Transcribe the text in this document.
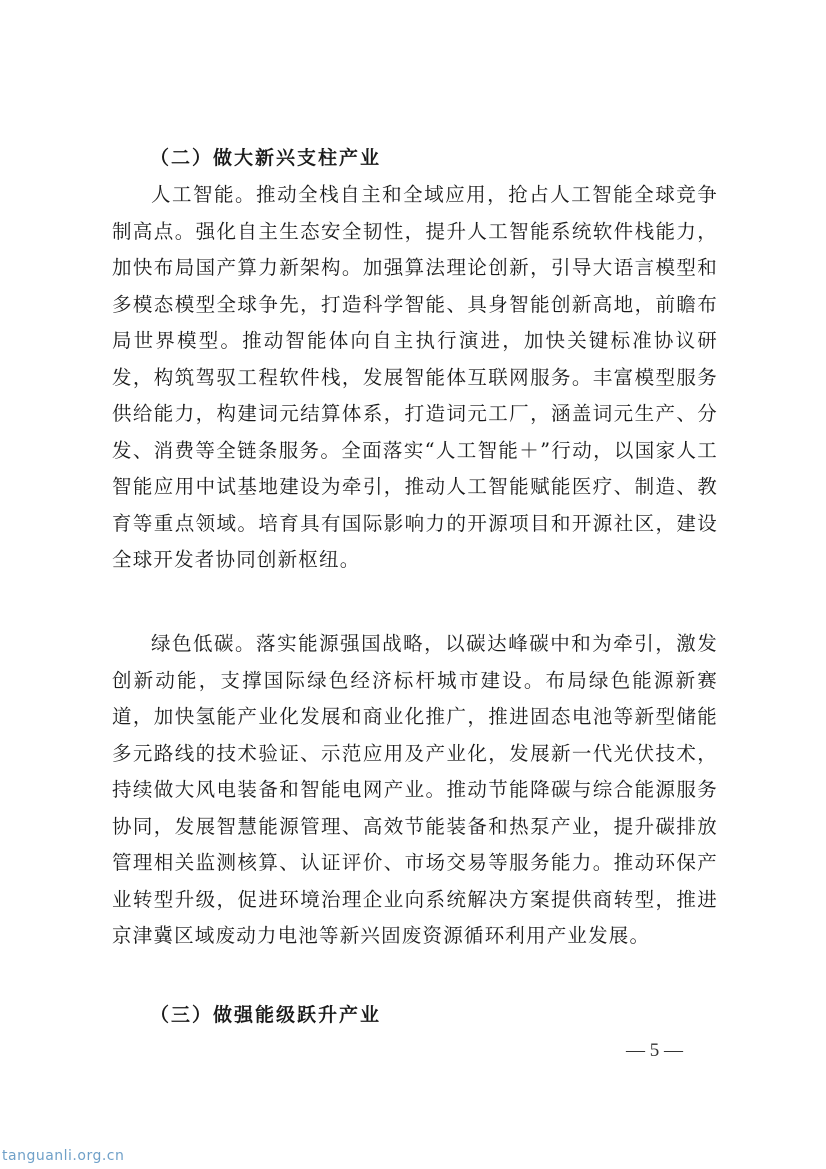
（二）做大新兴支柱产业

人工智能。推动全栈自主和全域应用，抢占人工智能全球竞争制高点。强化自主生态安全韧性，提升人工智能系统软件栈能力，加快布局国产算力新架构。加强算法理论创新，引导大语言模型和多模态模型全球争先，打造科学智能、具身智能创新高地，前瞻布局世界模型。推动智能体向自主执行演进，加快关键标准协议研发，构筑驾驭工程软件栈，发展智能体互联网服务。丰富模型服务供给能力，构建词元结算体系，打造词元工厂，涵盖词元生产、分发、消费等全链条服务。全面落实“人工智能＋”行动，以国家人工智能应用中试基地建设为牵引，推动人工智能赋能医疗、制造、教育等重点领域。培育具有国际影响力的开源项目和开源社区，建设全球开发者协同创新枢纽。

绿色低碳。落实能源强国战略，以碳达峰碳中和为牵引，激发创新动能，支撑国际绿色经济标杆城市建设。布局绿色能源新赛道，加快氢能产业化发展和商业化推广，推进固态电池等新型储能多元路线的技术验证、示范应用及产业化，发展新一代光伏技术，持续做大风电装备和智能电网产业。推动节能降碳与综合能源服务协同，发展智慧能源管理、高效节能装备和热泵产业，提升碳排放管理相关监测核算、认证评价、市场交易等服务能力。推动环保产业转型升级，促进环境治理企业向系统解决方案提供商转型，推进京津冀区域废动力电池等新兴固废资源循环利用产业发展。

（三）做强能级跃升产业
— 5 —
tanguanli.org.cn
